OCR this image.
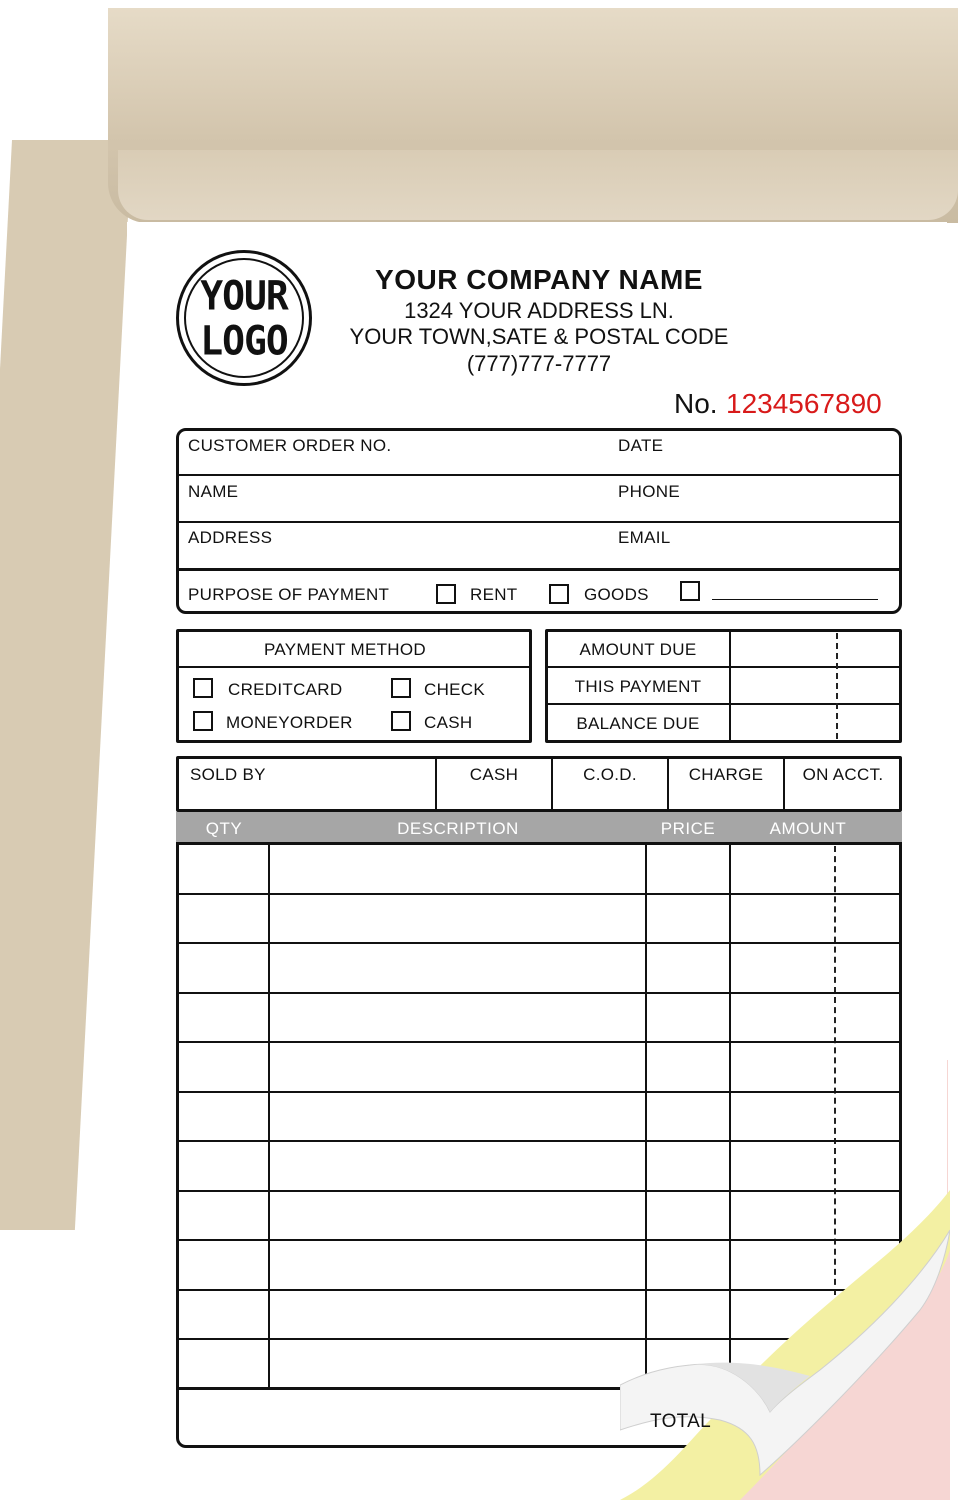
YOUR
LOGO
YOUR COMPANY NAME
1324 YOUR ADDRESS LN.
YOUR TOWN,SATE & POSTAL CODE
(777)777-7777
No. 1234567890
CUSTOMER ORDER NO.	DATE
NAME	PHONE
ADDRESS	EMAIL
PURPOSE OF PAYMENT	RENT	GOODS
PAYMENT METHOD
CREDITCARD	CHECK
MONEYORDER	CASH
AMOUNT DUE
THIS PAYMENT
BALANCE DUE
SOLD BY	CASH	C.O.D.	CHARGE	ON ACCT.
QTY	DESCRIPTION	PRICE	AMOUNT
TOTAL
